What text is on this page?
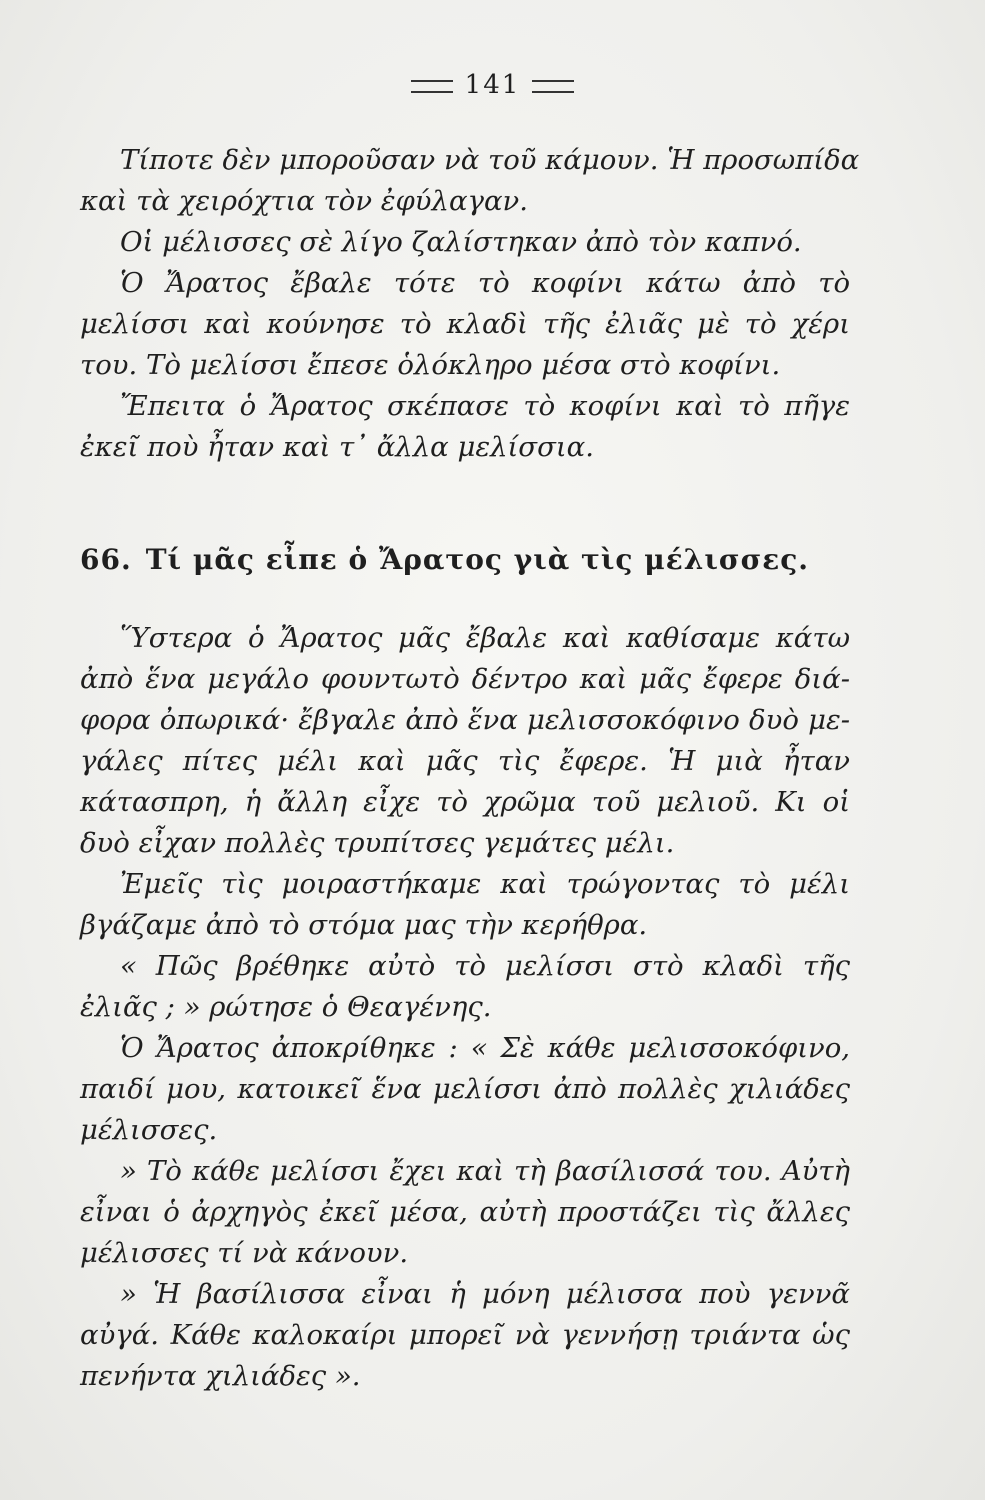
141
Τίποτε δὲν μποροῦσαν νὰ τοῦ κάμουν. Ἡ προσωπίδα
καὶ τὰ χειρόχτια τὸν ἐφύλαγαν.
Οἱ μέλισσες σὲ λίγο ζαλίστηκαν ἀπὸ τὸν καπνό.
Ὁ Ἄρατος ἔβαλε τότε τὸ κοφίνι κάτω ἀπὸ τὸ
μελίσσι καὶ κούνησε τὸ κλαδὶ τῆς ἐλιᾶς μὲ τὸ χέρι
του. Τὸ μελίσσι ἔπεσε ὁλόκληρο μέσα στὸ κοφίνι.
Ἔπειτα ὁ Ἄρατος σκέπασε τὸ κοφίνι καὶ τὸ πῆγε
ἐκεῖ ποὺ ἦταν καὶ τ᾽ ἄλλα μελίσσια.
66. Τί μᾶς εἶπε ὁ Ἄρατος γιὰ τὶς μέλισσες.
Ὕστερα ὁ Ἄρατος μᾶς ἔβαλε καὶ καθίσαμε κάτω
ἀπὸ ἕνα μεγάλο φουντωτὸ δέντρο καὶ μᾶς ἔφερε διά-
φορα ὀπωρικά· ἔβγαλε ἀπὸ ἕνα μελισσοκόφινο δυὸ με-
γάλες πίτες μέλι καὶ μᾶς τὶς ἔφερε. Ἡ μιὰ ἦταν
κάτασπρη, ἡ ἄλλη εἶχε τὸ χρῶμα τοῦ μελιοῦ. Κι οἱ
δυὸ εἶχαν πολλὲς τρυπίτσες γεμάτες μέλι.
Ἐμεῖς τὶς μοιραστήκαμε καὶ τρώγοντας τὸ μέλι
βγάζαμε ἀπὸ τὸ στόμα μας τὴν κερήθρα.
« Πῶς βρέθηκε αὐτὸ τὸ μελίσσι στὸ κλαδὶ τῆς
ἐλιᾶς ; » ρώτησε ὁ Θεαγένης.
Ὁ Ἄρατος ἀποκρίθηκε : « Σὲ κάθε μελισσοκόφινο,
παιδί μου, κατοικεῖ ἕνα μελίσσι ἀπὸ πολλὲς χιλιάδες
μέλισσες.
» Τὸ κάθε μελίσσι ἔχει καὶ τὴ βασίλισσά του. Αὐτὴ
εἶναι ὁ ἀρχηγὸς ἐκεῖ μέσα, αὐτὴ προστάζει τὶς ἄλλες
μέλισσες τί νὰ κάνουν.
» Ἡ βασίλισσα εἶναι ἡ μόνη μέλισσα ποὺ γεννᾶ
αὐγά. Κάθε καλοκαίρι μπορεῖ νὰ γεννήσῃ τριάντα ὡς
πενήντα χιλιάδες ».
